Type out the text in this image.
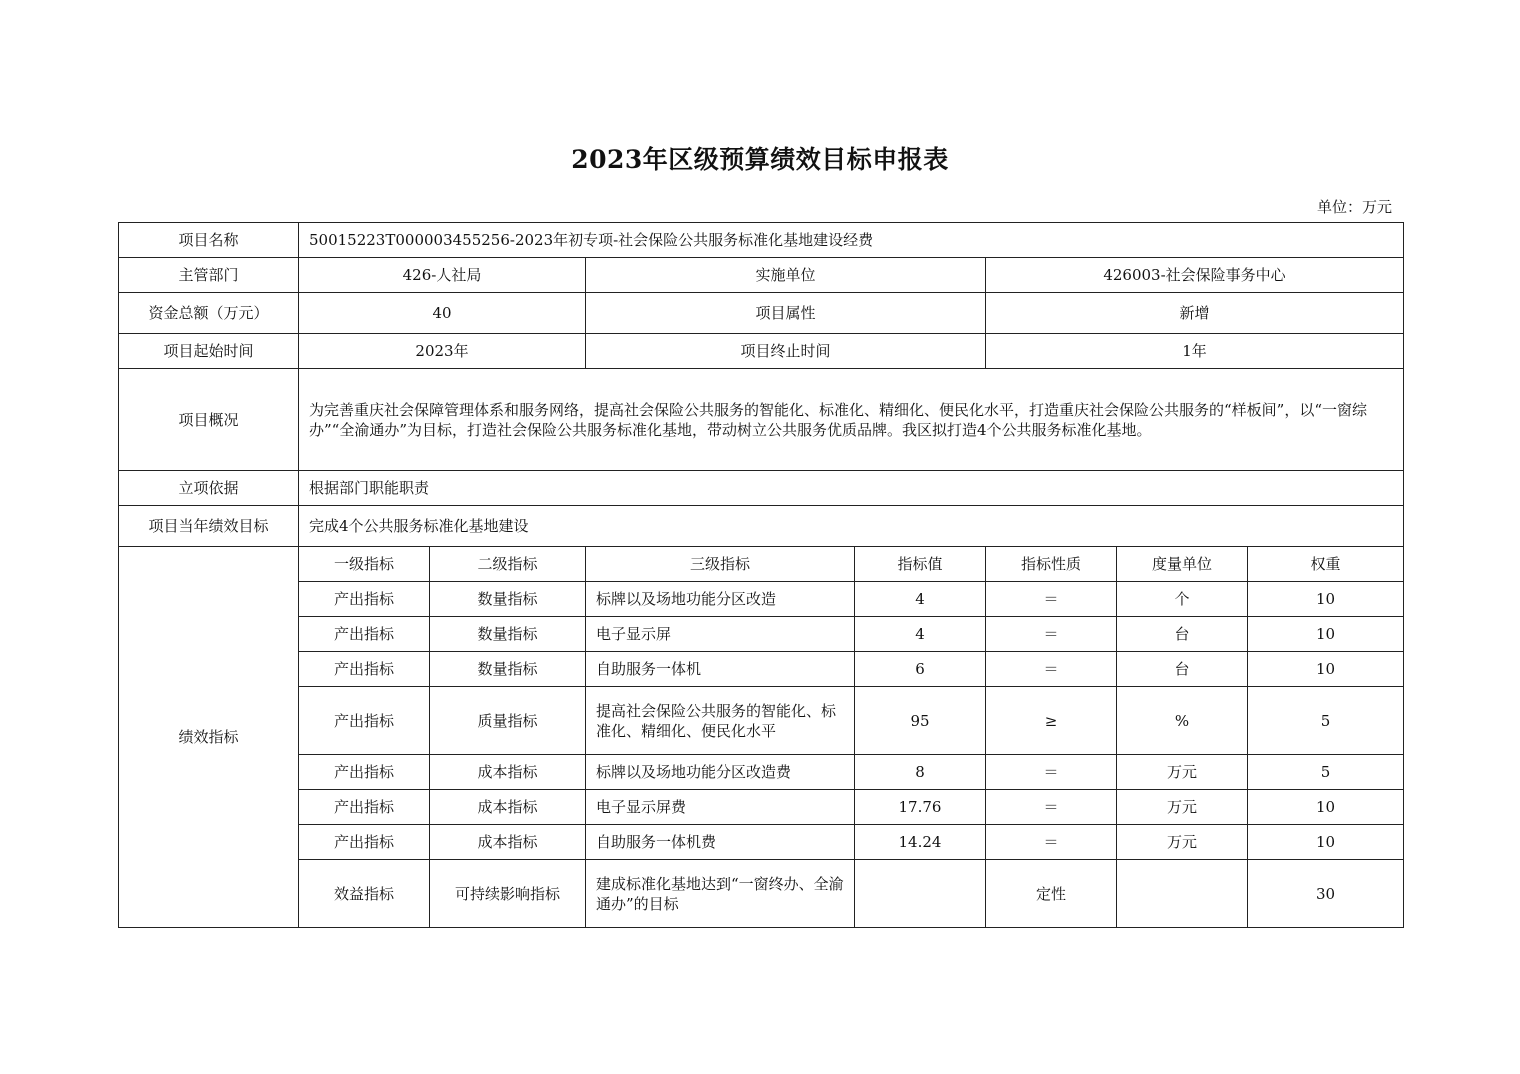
2023年区级预算绩效目标申报表
单位：万元
项目名称	50015223T000003455256-2023年初专项-社会保险公共服务标准化基地建设经费						
主管部门	426-人社局		实施单位		426003-社会保险事务中心		
资金总额（万元）	40		项目属性		新增		
项目起始时间	2023年		项目终止时间		1年		
项目概况	为完善重庆社会保障管理体系和服务网络，提高社会保险公共服务的智能化、标准化、精细化、便民化水平，打造重庆社会保险公共服务的“样板间”，以“一窗综办”“全渝通办”为目标，打造社会保险公共服务标准化基地，带动树立公共服务优质品牌。我区拟打造4个公共服务标准化基地。						
立项依据	根据部门职能职责						
项目当年绩效目标	完成4个公共服务标准化基地建设						
绩效指标	一级指标	二级指标	三级指标	指标值	指标性质	度量单位	权重
	产出指标	数量指标	标牌以及场地功能分区改造	4	＝	个	10
	产出指标	数量指标	电子显示屏	4	＝	台	10
	产出指标	数量指标	自助服务一体机	6	＝	台	10
	产出指标	质量指标	提高社会保险公共服务的智能化、标准化、精细化、便民化水平	95	≥	%	5
	产出指标	成本指标	标牌以及场地功能分区改造费	8	＝	万元	5
	产出指标	成本指标	电子显示屏费	17.76	＝	万元	10
	产出指标	成本指标	自助服务一体机费	14.24	＝	万元	10
	效益指标	可持续影响指标	建成标准化基地达到“一窗终办、全渝通办”的目标		定性		30
